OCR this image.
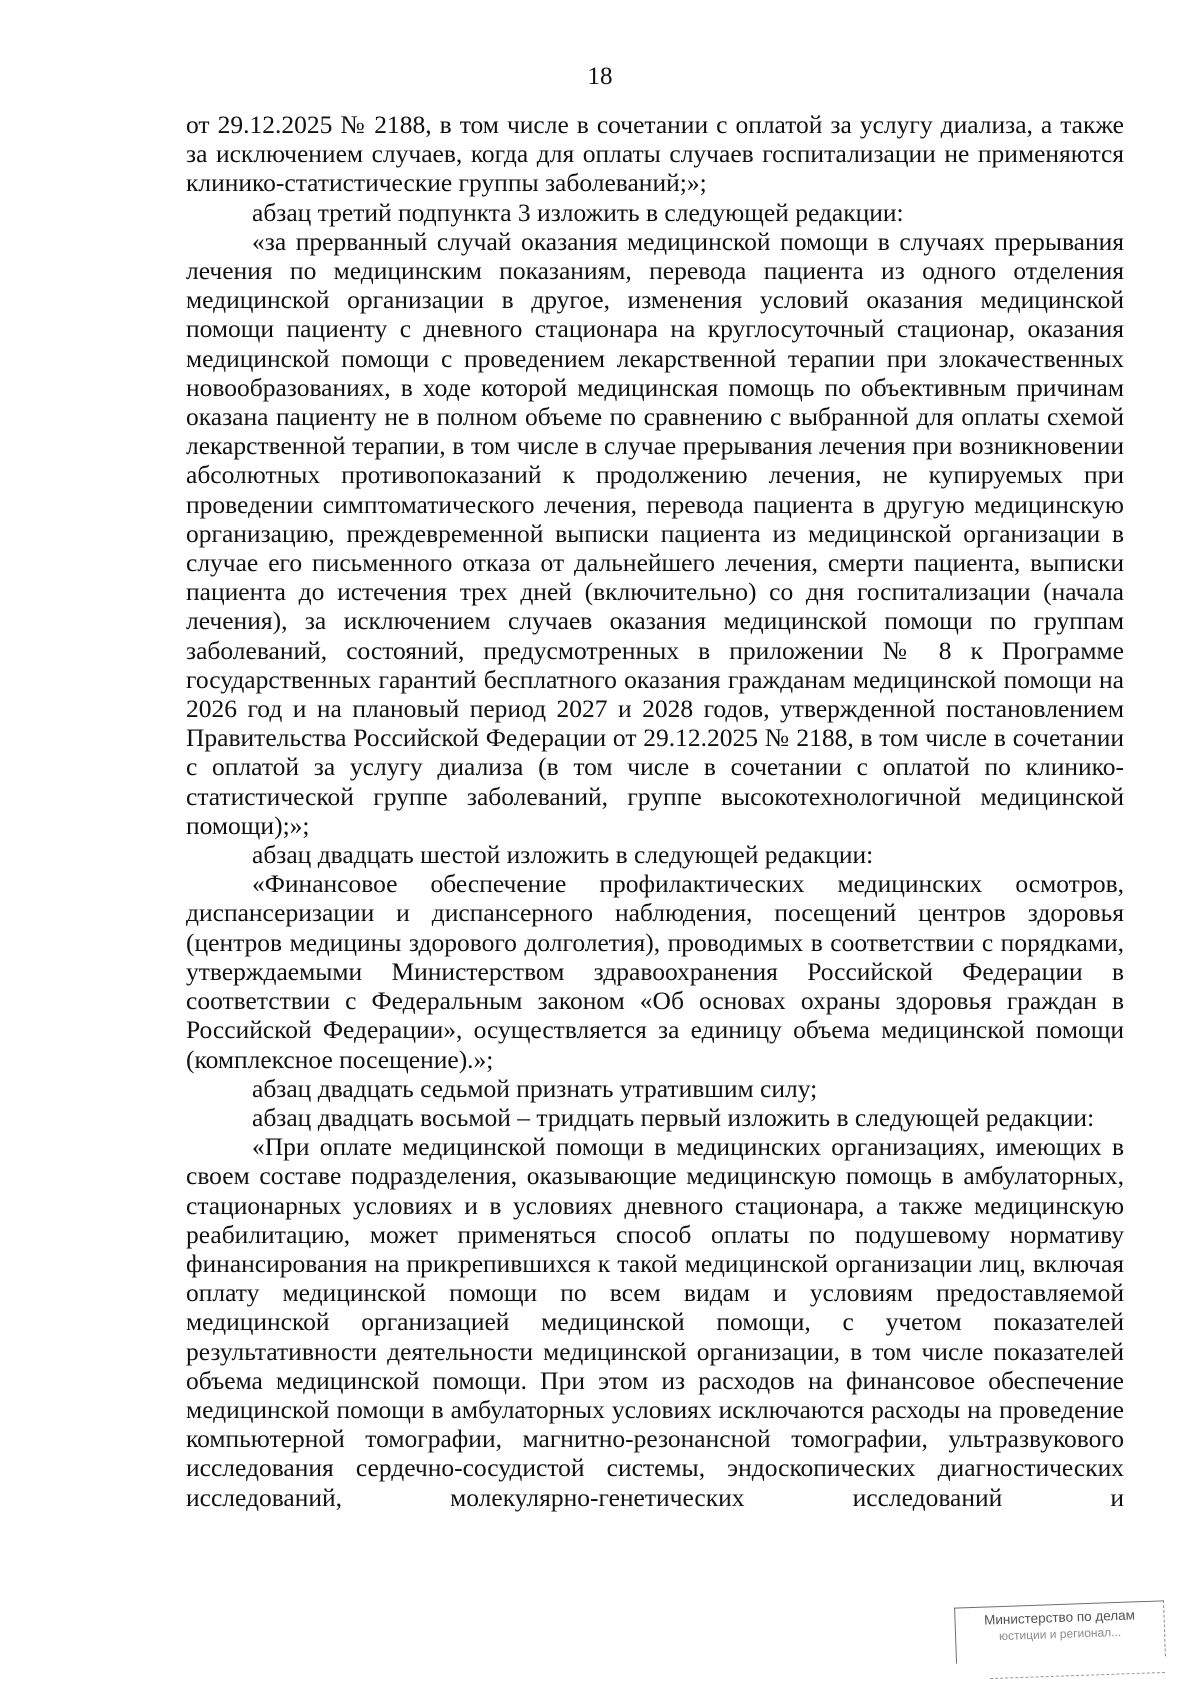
18

от 29.12.2025 № 2188, в том числе в сочетании с оплатой за услугу диализа, а также за исключением случаев, когда для оплаты случаев госпитализации не применяются клинико-статистические группы заболеваний;»;

абзац третий подпункта 3 изложить в следующей редакции:

«за прерванный случай оказания медицинской помощи в случаях прерывания лечения по медицинским показаниям, перевода пациента из одного отделения медицинской организации в другое, изменения условий оказания медицинской помощи пациенту с дневного стационара на круглосуточный стационар, оказания медицинской помощи с проведением лекарственной терапии при злокачественных новообразованиях, в ходе которой медицинская помощь по объективным причинам оказана пациенту не в полном объеме по сравнению с выбранной для оплаты схемой лекарственной терапии, в том числе в случае прерывания лечения при возникновении абсолютных противопоказаний к продолжению лечения, не купируемых при проведении симптоматического лечения, перевода пациента в другую медицинскую организацию, преждевременной выписки пациента из медицинской организации в случае его письменного отказа от дальнейшего лечения, смерти пациента, выписки пациента до истечения трех дней (включительно) со дня госпитализации (начала лечения), за исключением случаев оказания медицинской помощи по группам заболеваний, состояний, предусмотренных в приложении № 8 к Программе государственных гарантий бесплатного оказания гражданам медицинской помощи на 2026 год и на плановый период 2027 и 2028 годов, утвержденной постановлением Правительства Российской Федерации от 29.12.2025 № 2188, в том числе в сочетании с оплатой за услугу диализа (в том числе в сочетании с оплатой по клинико-статистической группе заболеваний, группе высокотехнологичной медицинской помощи);»;

абзац двадцать шестой изложить в следующей редакции:

«Финансовое обеспечение профилактических медицинских осмотров, диспансеризации и диспансерного наблюдения, посещений центров здоровья (центров медицины здорового долголетия), проводимых в соответствии с порядками, утверждаемыми Министерством здравоохранения Российской Федерации в соответствии с Федеральным законом «Об основах охраны здоровья граждан в Российской Федерации», осуществляется за единицу объема медицинской помощи (комплексное посещение).»;

абзац двадцать седьмой признать утратившим силу;

абзац двадцать восьмой – тридцать первый изложить в следующей редакции:

«При оплате медицинской помощи в медицинских организациях, имеющих в своем составе подразделения, оказывающие медицинскую помощь в амбулаторных, стационарных условиях и в условиях дневного стационара, а также медицинскую реабилитацию, может применяться способ оплаты по подушевому нормативу финансирования на прикрепившихся к такой медицинской организации лиц, включая оплату медицинской помощи по всем видам и условиям предоставляемой медицинской организацией медицинской помощи, с учетом показателей результативности деятельности медицинской организации, в том числе показателей объема медицинской помощи. При этом из расходов на финансовое обеспечение медицинской помощи в амбулаторных условиях исключаются расходы на проведение компьютерной томографии, магнитно-резонансной томографии, ультразвукового исследования сердечно-сосудистой системы, эндоскопических диагностических исследований, молекулярно-генетических исследований и

Министерство по делам
юстиции и регионал...
